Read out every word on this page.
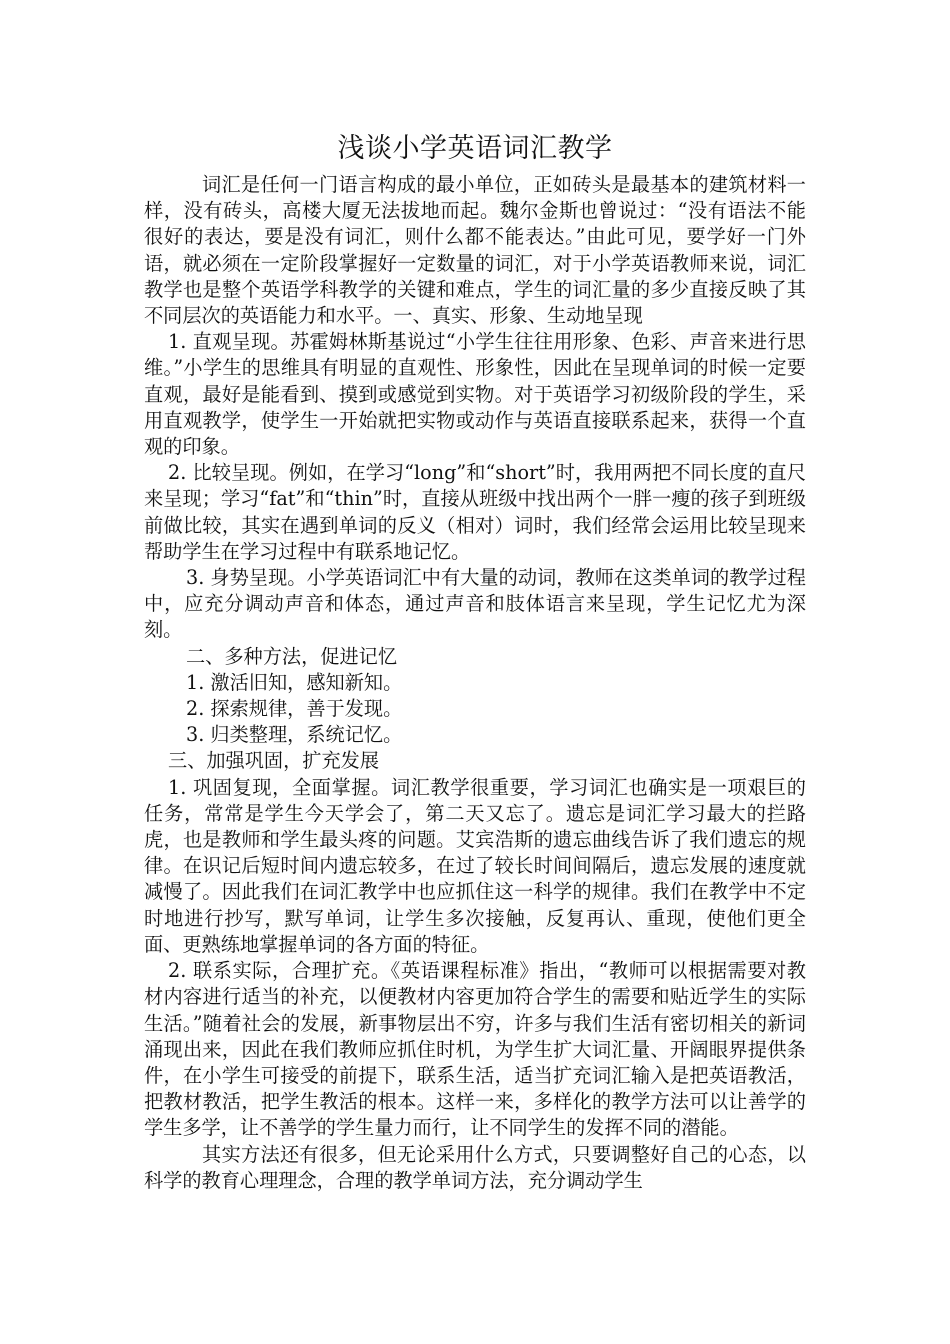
浅谈小学英语词汇教学

词汇是任何一门语言构成的最小单位，正如砖头是最基本的建筑材料一样，没有砖头，高楼大厦无法拔地而起。魏尔金斯也曾说过：“没有语法不能很好的表达，要是没有词汇，则什么都不能表达。”由此可见，要学好一门外语，就必须在一定阶段掌握好一定数量的词汇，对于小学英语教师来说，词汇教学也是整个英语学科教学的关键和难点，学生的词汇量的多少直接反映了其不同层次的英语能力和水平。一、真实、形象、生动地呈现

1. 直观呈现。苏霍姆林斯基说过“小学生往往用形象、色彩、声音来进行思维。”小学生的思维具有明显的直观性、形象性，因此在呈现单词的时候一定要直观，最好是能看到、摸到或感觉到实物。对于英语学习初级阶段的学生，采用直观教学，使学生一开始就把实物或动作与英语直接联系起来，获得一个直观的印象。

2. 比较呈现。例如，在学习“long”和“short”时，我用两把不同长度的直尺来呈现；学习“fat”和“thin”时，直接从班级中找出两个一胖一瘦的孩子到班级前做比较，其实在遇到单词的反义（相对）词时，我们经常会运用比较呈现来帮助学生在学习过程中有联系地记忆。

3. 身势呈现。小学英语词汇中有大量的动词，教师在这类单词的教学过程中，应充分调动声音和体态，通过声音和肢体语言来呈现，学生记忆尤为深刻。

二、多种方法，促进记忆

1. 激活旧知，感知新知。

2. 探索规律，善于发现。

3. 归类整理，系统记忆。

三、加强巩固，扩充发展

1. 巩固复现，全面掌握。词汇教学很重要，学习词汇也确实是一项艰巨的任务，常常是学生今天学会了，第二天又忘了。遗忘是词汇学习最大的拦路虎，也是教师和学生最头疼的问题。艾宾浩斯的遗忘曲线告诉了我们遗忘的规律。在识记后短时间内遗忘较多，在过了较长时间间隔后，遗忘发展的速度就减慢了。因此我们在词汇教学中也应抓住这一科学的规律。我们在教学中不定时地进行抄写，默写单词，让学生多次接触，反复再认、重现，使他们更全面、更熟练地掌握单词的各方面的特征。

2. 联系实际，合理扩充。《英语课程标准》指出，“教师可以根据需要对教材内容进行适当的补充，以便教材内容更加符合学生的需要和贴近学生的实际生活。”随着社会的发展，新事物层出不穷，许多与我们生活有密切相关的新词涌现出来，因此在我们教师应抓住时机，为学生扩大词汇量、开阔眼界提供条件，在小学生可接受的前提下，联系生活，适当扩充词汇输入是把英语教活，把教材教活，把学生教活的根本。这样一来，多样化的教学方法可以让善学的学生多学，让不善学的学生量力而行，让不同学生的发挥不同的潜能。

其实方法还有很多，但无论采用什么方式，只要调整好自己的心态，以科学的教育心理理念，合理的教学单词方法，充分调动学生
